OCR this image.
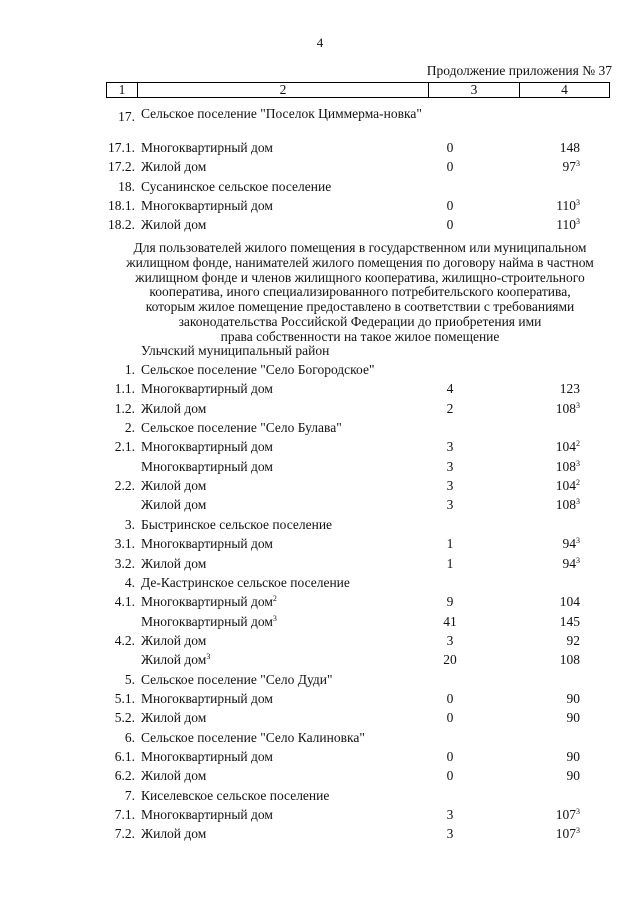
4
Продолжение приложения № 37
1	2	3	4
Для пользователей жилого помещения в государственном или муниципальном
жилищном фонде, нанимателей жилого помещения по договору найма в частном
жилищном фонде и членов жилищного кооператива, жилищно-строительного
кооператива, иного специализированного потребительского кооператива,
которым жилое помещение предоставлено в соответствии с требованиями
законодательства Российской Федерации до приобретения ими
права собственности на такое жилое помещение
Ульчский муниципальный район
17. Сельское поселение "Поселок Циммерма-новка"
17.1. Многоквартирный дом	0	148
17.2. Жилой дом	0	$97^3$
18. Сусанинское сельское поселение
18.1. Многоквартирный дом	0	$110^3$
18.2. Жилой дом	0	$110^3$
1. Сельское поселение "Село Богородское"
1.1. Многоквартирный дом	4	123
1.2. Жилой дом	2	$108^3$
2. Сельское поселение "Село Булава"
2.1. Многоквартирный дом	3	$104^2$
Многоквартирный дом	3	$108^3$
2.2. Жилой дом	3	$104^2$
Жилой дом	3	$108^3$
3. Быстринское сельское поселение
3.1. Многоквартирный дом	1	$94^3$
3.2. Жилой дом	1	$94^3$
4. Де-Кастринское сельское поселение
4.1. Многоквартирный дом$^2$	9	104
Многоквартирный дом$^3$	41	145
4.2. Жилой дом	3	92
Жилой дом$^3$	20	108
5. Сельское поселение "Село Дуди"
5.1. Многоквартирный дом	0	90
5.2. Жилой дом	0	90
6. Сельское поселение "Село Калиновка"
6.1. Многоквартирный дом	0	90
6.2. Жилой дом	0	90
7. Киселевское сельское поселение
7.1. Многоквартирный дом	3	$107^3$
7.2. Жилой дом	3	$107^3$
